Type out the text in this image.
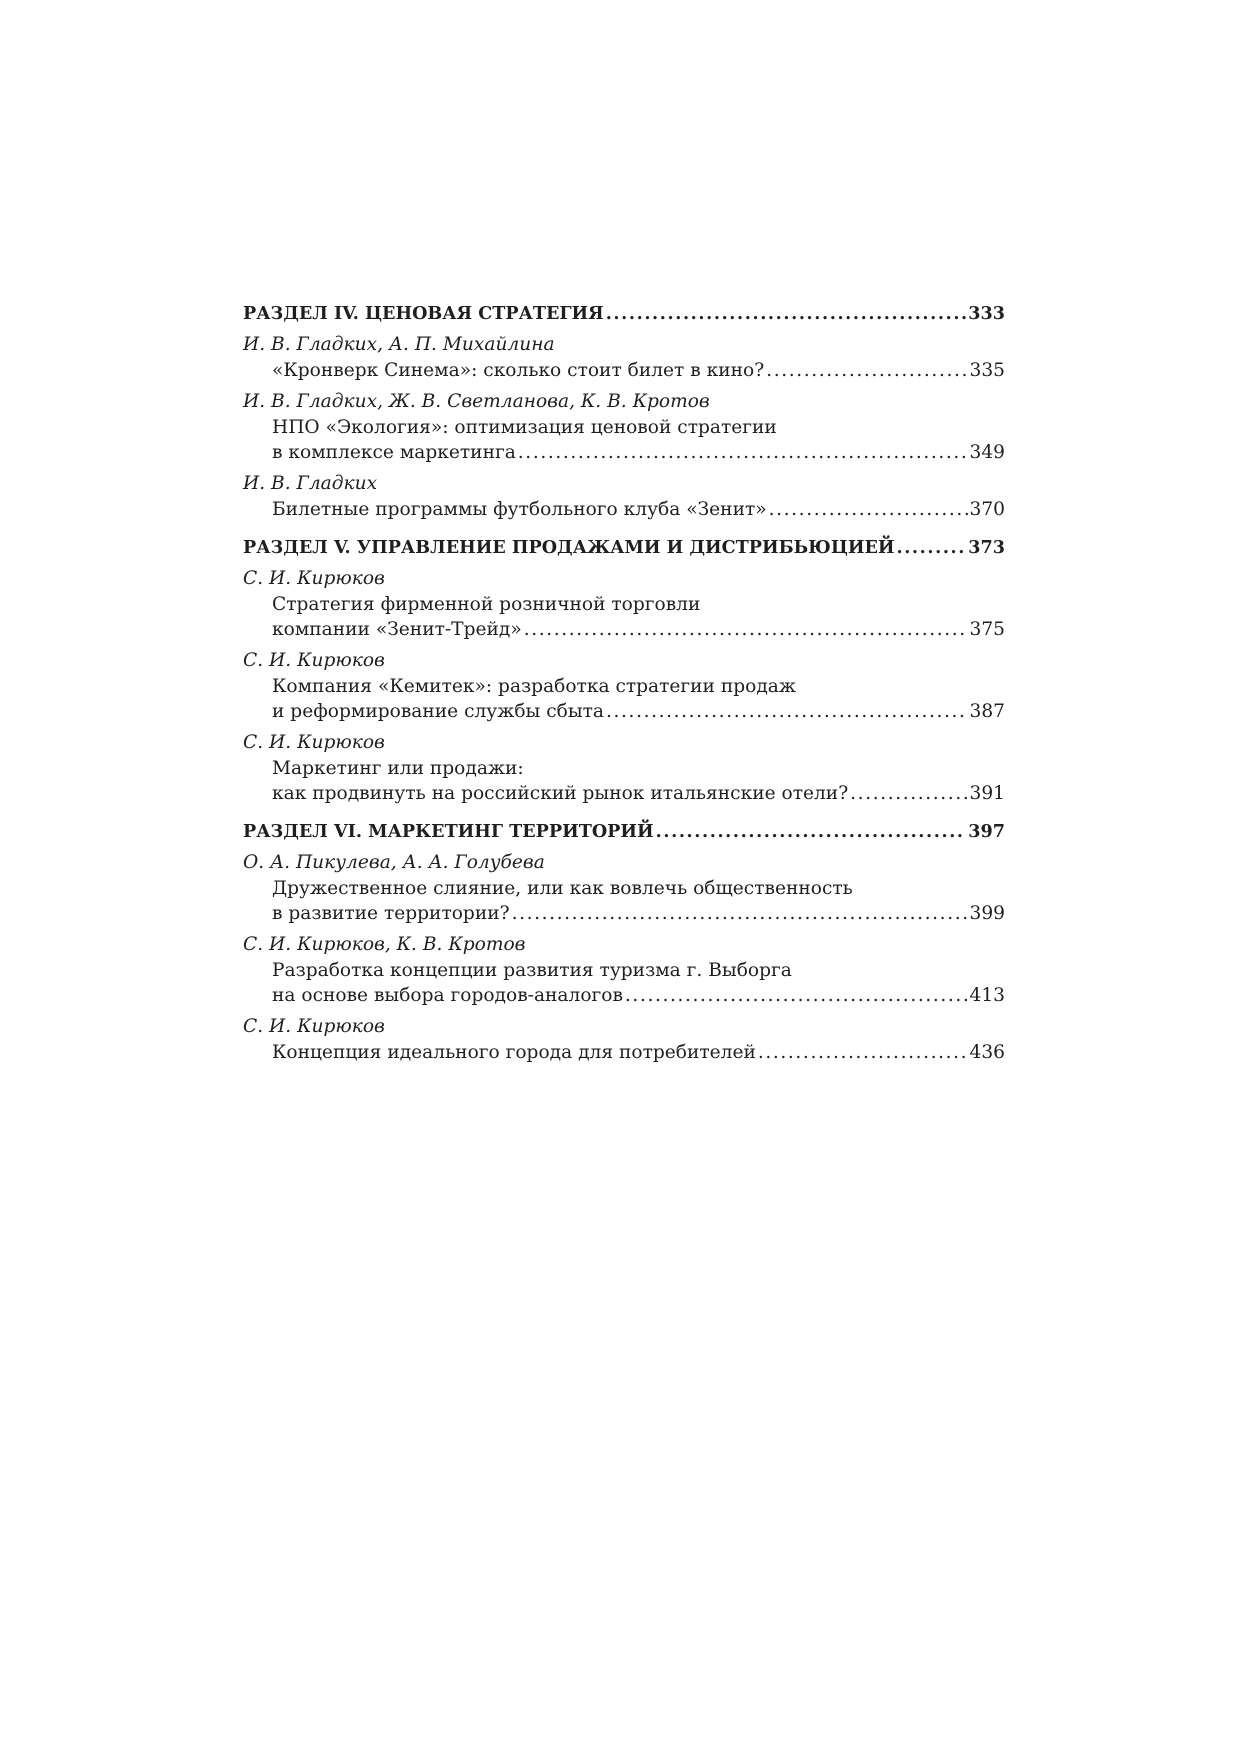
РАЗДЕЛ IV. ЦЕНОВАЯ СТРАТЕГИЯ .....	333
И. В. Гладких, А. П. Михайлина
«Кронверк Синема»: сколько стоит билет в кино? .....	335
И. В. Гладких, Ж. В. Светланова, К. В. Кротов
НПО «Экология»: оптимизация ценовой стратегии
в комплексе маркетинга .....	349
И. В. Гладких
Билетные программы футбольного клуба «Зенит» .....	370
РАЗДЕЛ V. УПРАВЛЕНИЕ ПРОДАЖАМИ И ДИСТРИБЬЮЦИЕЙ .....	373
С. И. Кирюков
Стратегия фирменной розничной торговли
компании «Зенит-Трейд» .....	375
С. И. Кирюков
Компания «Кемитек»: разработка стратегии продаж
и реформирование службы сбыта .....	387
С. И. Кирюков
Маркетинг или продажи:
как продвинуть на российский рынок итальянские отели? .....	391
РАЗДЕЛ VI. МАРКЕТИНГ ТЕРРИТОРИЙ .....	397
О. А. Пикулева, А. А. Голубева
Дружественное слияние, или как вовлечь общественность
в развитие территории? .....	399
С. И. Кирюков, К. В. Кротов
Разработка концепции развития туризма г. Выборга
на основе выбора городов-аналогов .....	413
С. И. Кирюков
Концепция идеального города для потребителей .....	436
